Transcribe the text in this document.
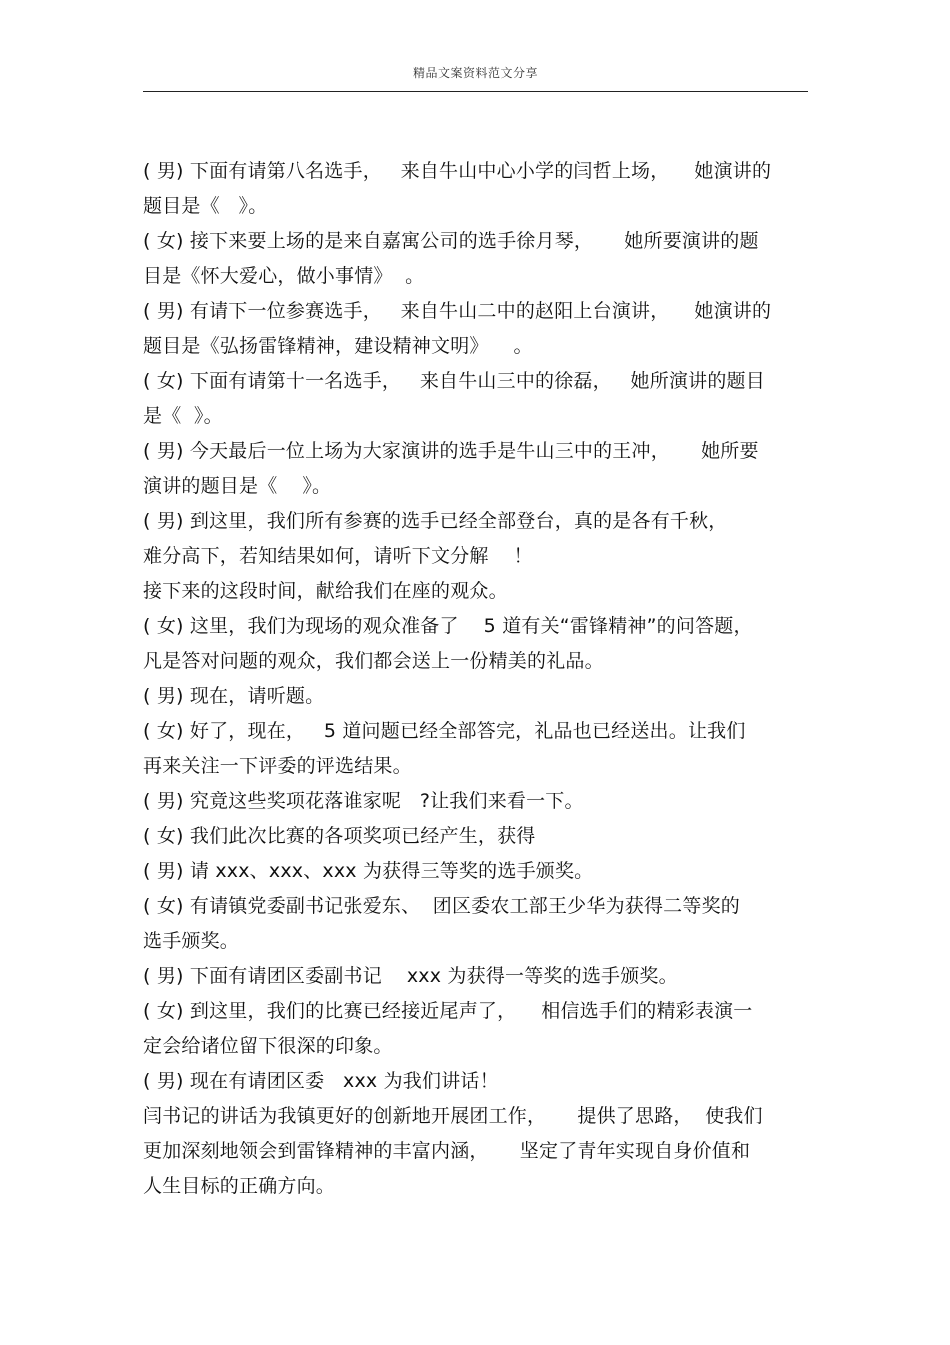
精品文案资料范文分享
( 男) 下面有请第八名选手，   来自牛山中心小学的闫哲上场，    她演讲的
题目是《   》。
( 女) 接下来要上场的是来自嘉寓公司的选手徐月琴，     她所要演讲的题
目是《怀大爱心，做小事情》  。
( 男) 有请下一位参赛选手，   来自牛山二中的赵阳上台演讲，    她演讲的
题目是《弘扬雷锋精神，建设精神文明》    。
( 女) 下面有请第十一名选手，   来自牛山三中的徐磊，   她所演讲的题目
是《  》。
( 男) 今天最后一位上场为大家演讲的选手是牛山三中的王冲，     她所要
演讲的题目是《    》。
( 男) 到这里，我们所有参赛的选手已经全部登台，真的是各有千秋，
难分高下，若知结果如何，请听下文分解    ！
接下来的这段时间，献给我们在座的观众。
( 女) 这里，我们为现场的观众准备了    5 道有关“雷锋精神”的问答题，
凡是答对问题的观众，我们都会送上一份精美的礼品。
( 男) 现在，请听题。
( 女) 好了，现在，   5 道问题已经全部答完，礼品也已经送出。让我们
再来关注一下评委的评选结果。
( 男) 究竟这些奖项花落谁家呢   ?让我们来看一下。
( 女) 我们此次比赛的各项奖项已经产生，获得
( 男) 请 xxx、xxx、xxx 为获得三等奖的选手颁奖。
( 女) 有请镇党委副书记张爱东、  团区委农工部王少华为获得二等奖的
选手颁奖。
( 男) 下面有请团区委副书记    xxx 为获得一等奖的选手颁奖。
( 女) 到这里，我们的比赛已经接近尾声了，    相信选手们的精彩表演一
定会给诸位留下很深的印象。
( 男) 现在有请团区委   xxx 为我们讲话！
闫书记的讲话为我镇更好的创新地开展团工作，     提供了思路，  使我们
更加深刻地领会到雷锋精神的丰富内涵，     坚定了青年实现自身价值和
人生目标的正确方向。
